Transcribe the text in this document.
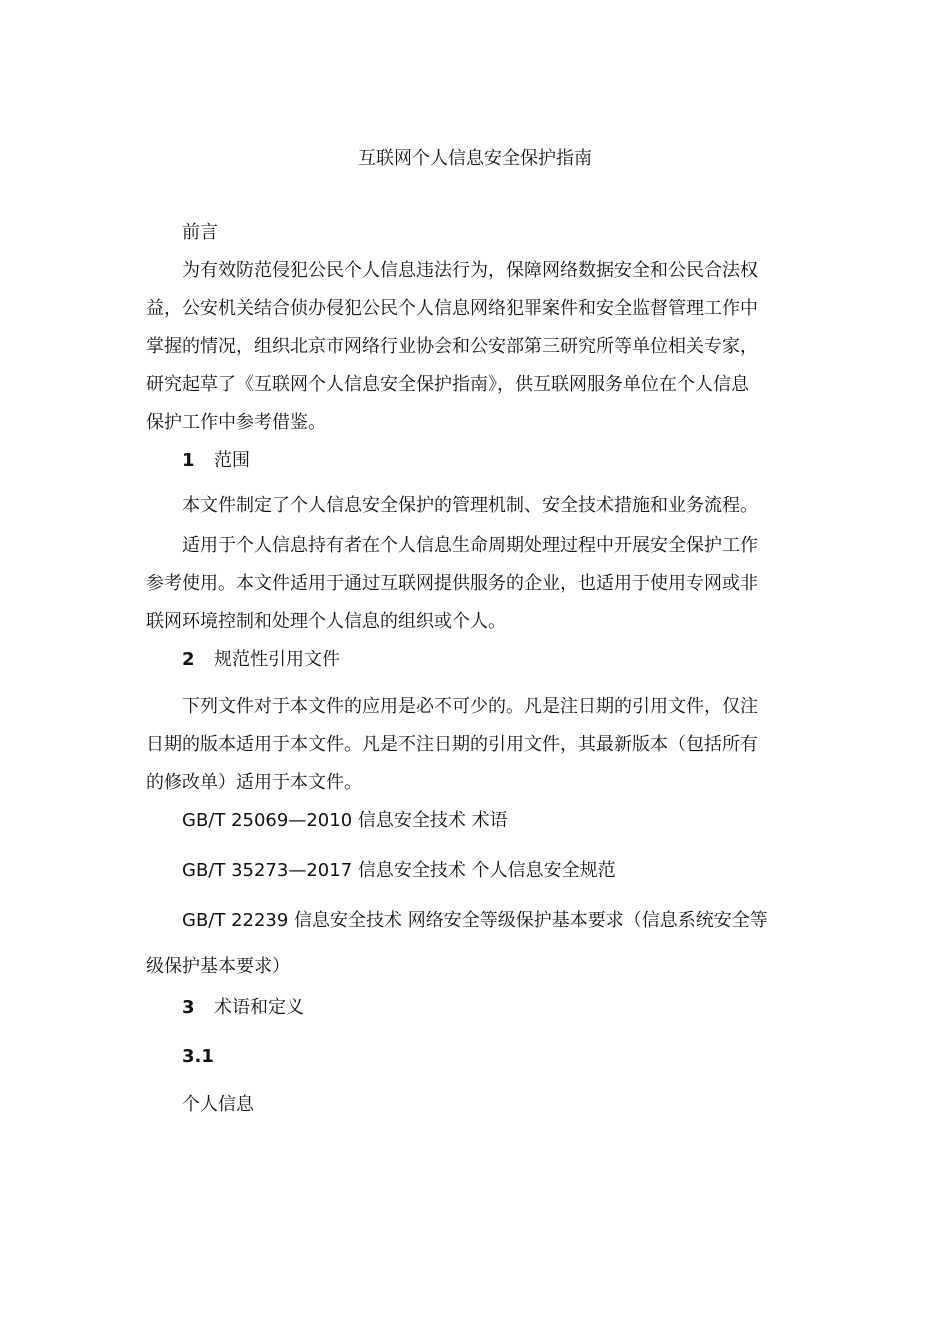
互联网个人信息安全保护指南
前言
为有效防范侵犯公民个人信息违法行为，保障网络数据安全和公民合法权
益，公安机关结合侦办侵犯公民个人信息网络犯罪案件和安全监督管理工作中
掌握的情况，组织北京市网络行业协会和公安部第三研究所等单位相关专家，
研究起草了《互联网个人信息安全保护指南》，供互联网服务单位在个人信息
保护工作中参考借鉴。
1 范围
本文件制定了个人信息安全保护的管理机制、安全技术措施和业务流程。
适用于个人信息持有者在个人信息生命周期处理过程中开展安全保护工作
参考使用。本文件适用于通过互联网提供服务的企业，也适用于使用专网或非
联网环境控制和处理个人信息的组织或个人。
2 规范性引用文件
下列文件对于本文件的应用是必不可少的。凡是注日期的引用文件，仅注
日期的版本适用于本文件。凡是不注日期的引用文件，其最新版本（包括所有
的修改单）适用于本文件。
GB/T 25069—2010 信息安全技术 术语
GB/T 35273—2017 信息安全技术 个人信息安全规范
GB/T 22239 信息安全技术 网络安全等级保护基本要求（信息系统安全等
级保护基本要求）
3 术语和定义
3.1
个人信息
